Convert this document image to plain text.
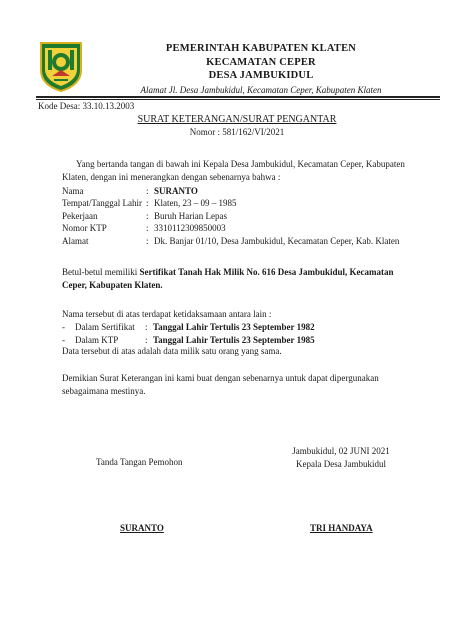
PEMERINTAH KABUPATEN KLATEN
KECAMATAN CEPER
DESA JAMBUKIDUL
Alamat Jl. Desa Jambukidul, Kecamatan Ceper, Kabupaten Klaten
Kode Desa: 33.10.13.2003
SURAT KETERANGAN/SURAT PENGANTAR
Nomor : 581/162/VI/2021
Yang bertanda tangan di bawah ini Kepala Desa Jambukidul, Kecamatan Ceper, Kabupaten
Klaten, dengan ini menerangkan dengan sebenarnya bahwa :
Nama	: SURANTO
Tempat/Tanggal Lahir : Klaten, 23 – 09 – 1985
Pekerjaan	: Buruh Harian Lepas
Nomor KTP	: 3310112309850003
Alamat	: Dk. Banjar 01/10, Desa Jambukidul, Kecamatan Ceper, Kab. Klaten
Betul-betul memiliki Sertifikat Tanah Hak Milik No. 616 Desa Jambukidul, Kecamatan
Ceper, Kabupaten Klaten.
Nama tersebut di atas terdapat ketidaksamaan antara lain :
-	Dalam Sertifikat	: Tanggal Lahir Tertulis 23 September 1982
-	Dalam KTP	: Tanggal Lahir Tertulis 23 September 1985
Data tersebut di atas adalah data milik satu orang yang sama.
Demikian Surat Keterangan ini kami buat dengan sebenarnya untuk dapat dipergunakan
sebagaimana mestinya.
Jambukidul, 02 JUNI 2021
Kepala Desa Jambukidul
Tanda Tangan Pemohon
SURANTO	TRI HANDAYA
